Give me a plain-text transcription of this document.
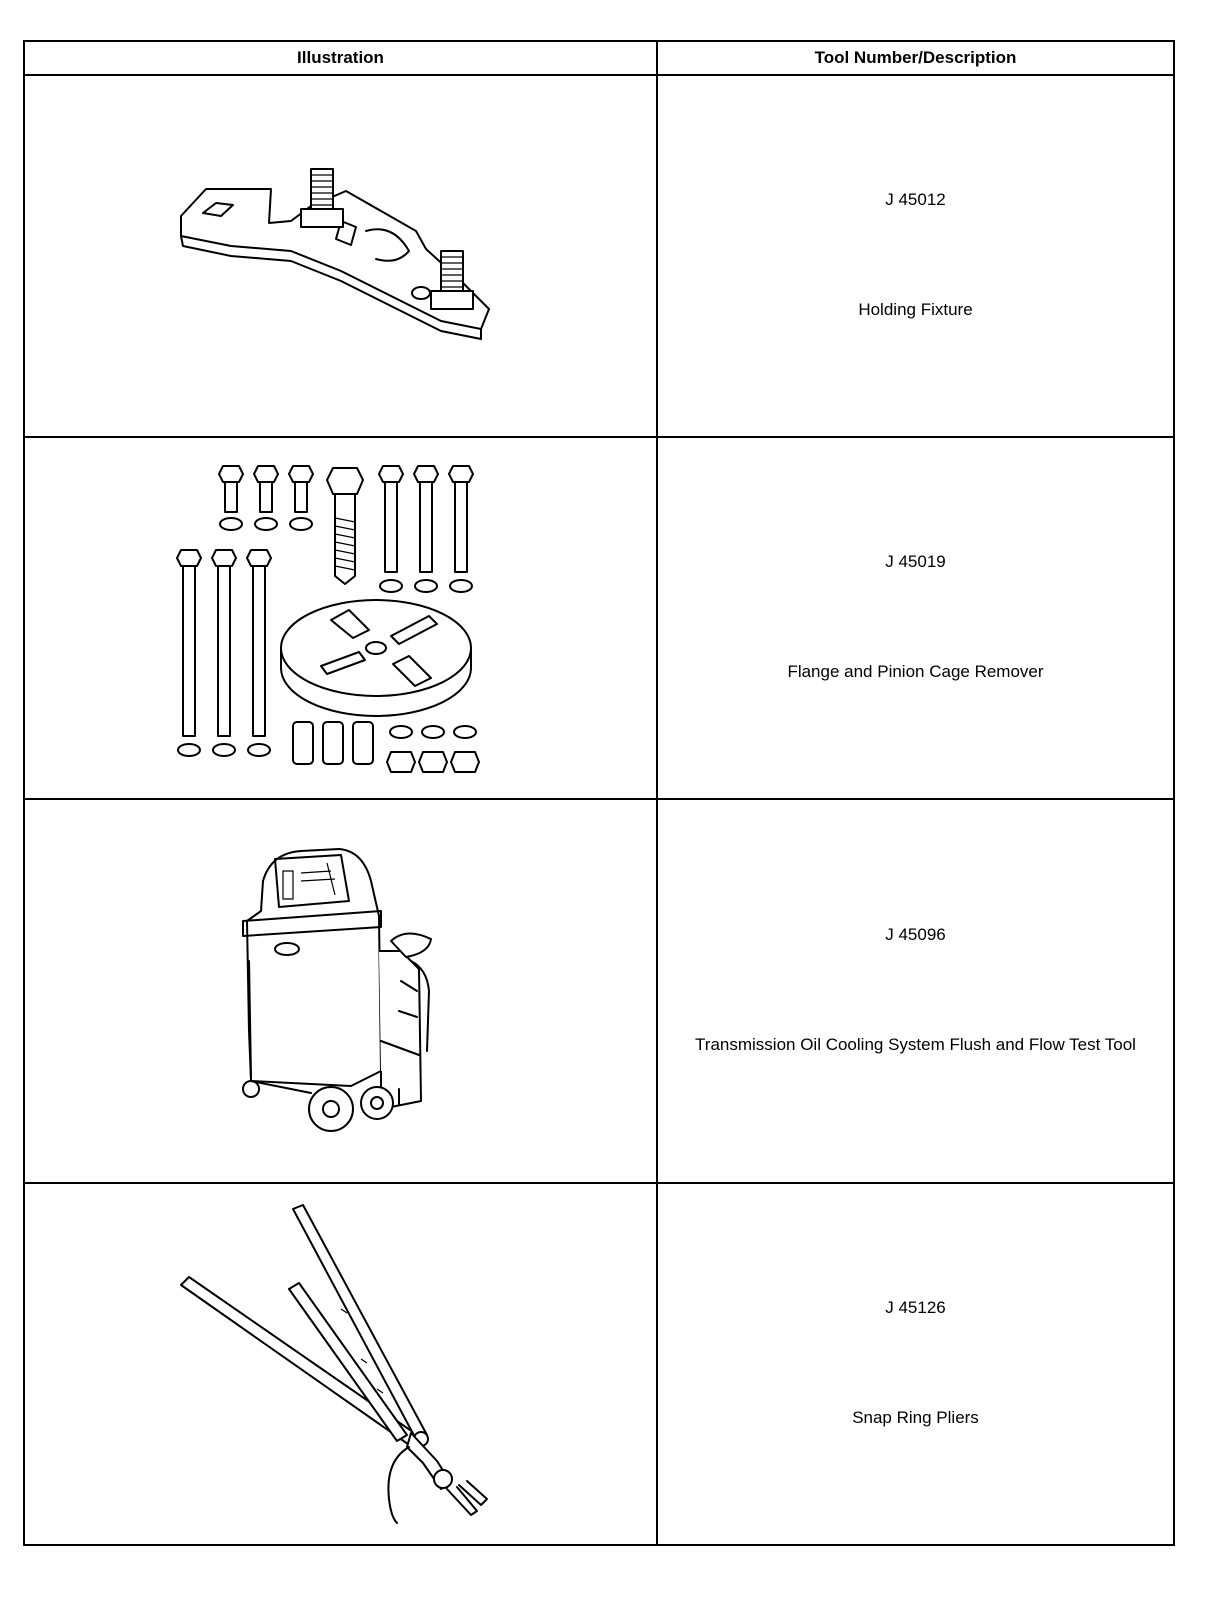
Illustration	Tool Number/Description

J 45012
Holding Fixture

J 45019
Flange and Pinion Cage Remover

J 45096
Transmission Oil Cooling System Flush and Flow Test Tool

J 45126
Snap Ring Pliers
